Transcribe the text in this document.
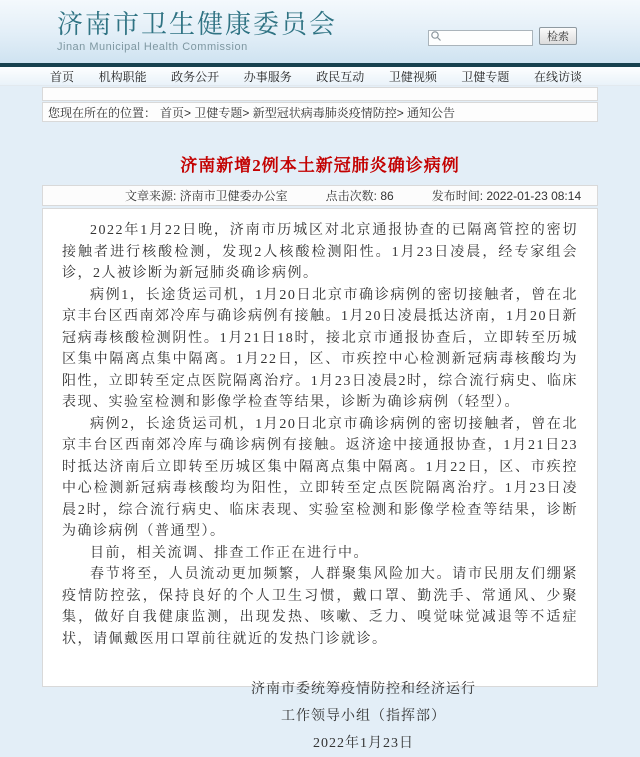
济南市卫生健康委员会
Jinan Municipal Health Commission
检索
首页 机构职能 政务公开 办事服务 政民互动 卫健视频 卫健专题 在线访谈
您现在所在的位置： 首页> 卫健专题> 新型冠状病毒肺炎疫情防控> 通知公告
济南新增2例本土新冠肺炎确诊病例
文章来源: 济南市卫健委办公室	点击次数: 86	发布时间: 2022-01-23 08:14

2022年1月22日晚，济南市历城区对北京通报协查的已隔离管控的密切接触者进行核酸检测，发现2人核酸检测阳性。1月23日凌晨，经专家组会诊，2人被诊断为新冠肺炎确诊病例。

病例1，长途货运司机，1月20日北京市确诊病例的密切接触者，曾在北京丰台区西南郊冷库与确诊病例有接触。1月20日凌晨抵达济南，1月20日新冠病毒核酸检测阴性。1月21日18时，接北京市通报协查后，立即转至历城区集中隔离点集中隔离。1月22日，区、市疾控中心检测新冠病毒核酸均为阳性，立即转至定点医院隔离治疗。1月23日凌晨2时，综合流行病史、临床表现、实验室检测和影像学检查等结果，诊断为确诊病例（轻型）。

病例2，长途货运司机，1月20日北京市确诊病例的密切接触者，曾在北京丰台区西南郊冷库与确诊病例有接触。返济途中接通报协查，1月21日23时抵达济南后立即转至历城区集中隔离点集中隔离。1月22日，区、市疾控中心检测新冠病毒核酸均为阳性，立即转至定点医院隔离治疗。1月23日凌晨2时，综合流行病史、临床表现、实验室检测和影像学检查等结果，诊断为确诊病例（普通型）。

目前，相关流调、排查工作正在进行中。

春节将至，人员流动更加频繁，人群聚集风险加大。请市民朋友们绷紧疫情防控弦，保持良好的个人卫生习惯，戴口罩、勤洗手、常通风、少聚集，做好自我健康监测，出现发热、咳嗽、乏力、嗅觉味觉减退等不适症状，请佩戴医用口罩前往就近的发热门诊就诊。

济南市委统筹疫情防控和经济运行
工作领导小组（指挥部）
2022年1月23日
